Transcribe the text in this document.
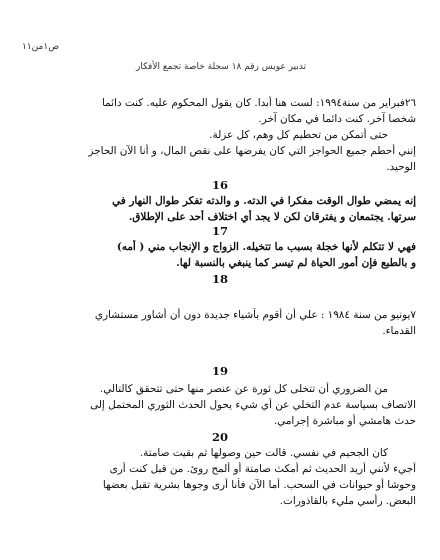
ص١من١١
تدبير عويس رقم ١٨ سجلة خاصة تجمع الأفكار
٢٦فبراير من سنة١٩٩٤: لست هنا أبدا. كان يقول المحكوم عليه. كنت دائما
شخصا آخر. كنت دائما في مكان آخر.
حتى أتمكن من تحطيم كل وهم، كل عزلة.
إنني أحطم جميع الحواجز التي كان يفرضها على نقص المال، و أنا الآن الحاجز
الوحيد.
16
إنه يمضي طوال الوقت مفكرا في الدته. و والدته تفكر طوال النهار في
سرتها. يجتمعان و يفترقان لكن لا يجد أي اختلاف أحد على الإطلاق.
17
فهي لا تتكلم لأنها خجلة بسبب ما تتخيله. الزواج و الإنجاب مني ( أمه)
و بالطبع فإن أمور الحياة لم تيسر كما ينبغي بالنسبة لها.
18
٧يونيو من سنة ١٩٨٤ : علي أن أقوم بأشياء جديدة دون أن أشاور مستشاري
القدماء.
19
من الضروري أن تتخلى كل ثورة عن عنصر منها حتى تتحقق كالتالي.
الاتصاف بسياسة عدم التخلي عن أي شيء يحول الحدث الثوري المحتمل إلى
حدث هامشي أو مباشرة إجرامي.
20
كان الجحيم في نفسي. قالت حين وصولها ثم بقيت صامتة.
أجيء لأنني أريد الحديث ثم أمكث صامتة أو ألمح روئ. من قبل كنت أرى
وحوشا أو حيوانات في السحب. أما الآن فأنا أرى وجوها بشرية تقبل بعضها
البعض. رأسي مليء بالقاذورات.
